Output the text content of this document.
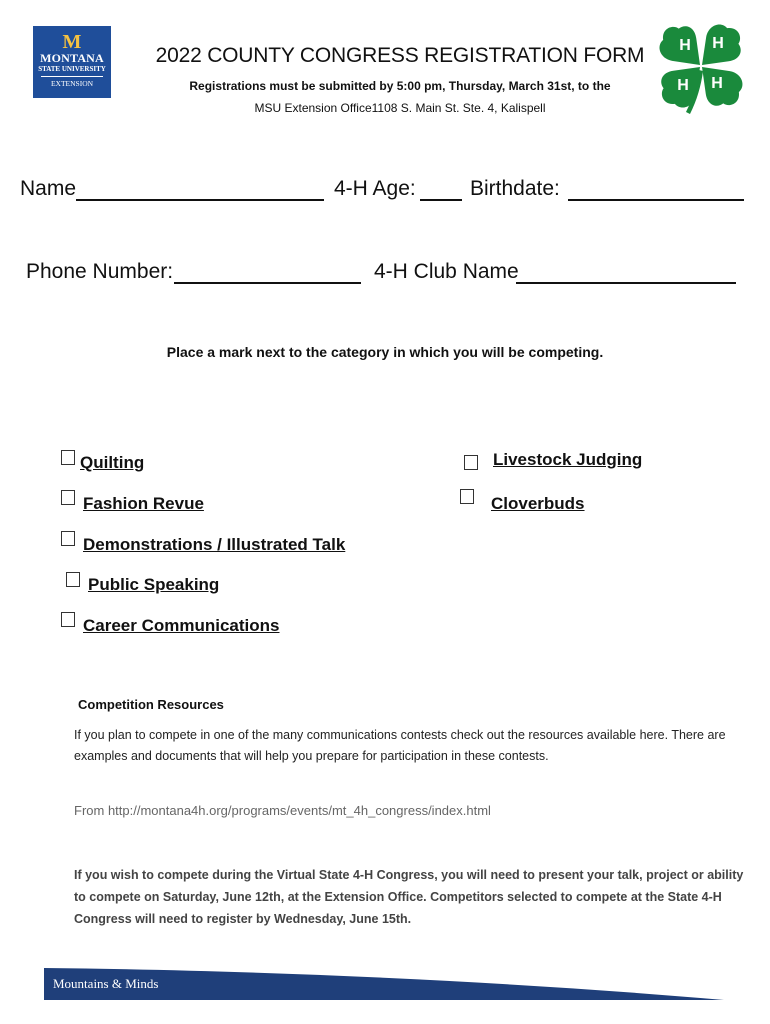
M
MONTANA
STATE UNIVERSITY
EXTENSION
H H
H H
2022 COUNTY CONGRESS REGISTRATION FORM
Registrations must be submitted by 5:00 pm, Thursday, March 31st, to the
MSU Extension Office1108 S. Main St. Ste. 4, Kalispell
Name	4-H Age:	Birthdate:
Phone Number:	4-H Club Name
Place a mark next to the category in which you will be competing.
Quilting	Livestock Judging
Fashion Revue	Cloverbuds
Demonstrations / Illustrated Talk
Public Speaking
Career Communications
Competition Resources
If you plan to compete in one of the many communications contests check out the resources available here. There are examples and documents that will help you prepare for participation in these contests.
From http://montana4h.org/programs/events/mt_4h_congress/index.html
If you wish to compete during the Virtual State 4-H Congress, you will need to present your talk, project or ability to compete on Saturday, June 12th, at the Extension Office. Competitors selected to compete at the State 4-H Congress will need to register by Wednesday, June 15th.
Mountains & Minds
